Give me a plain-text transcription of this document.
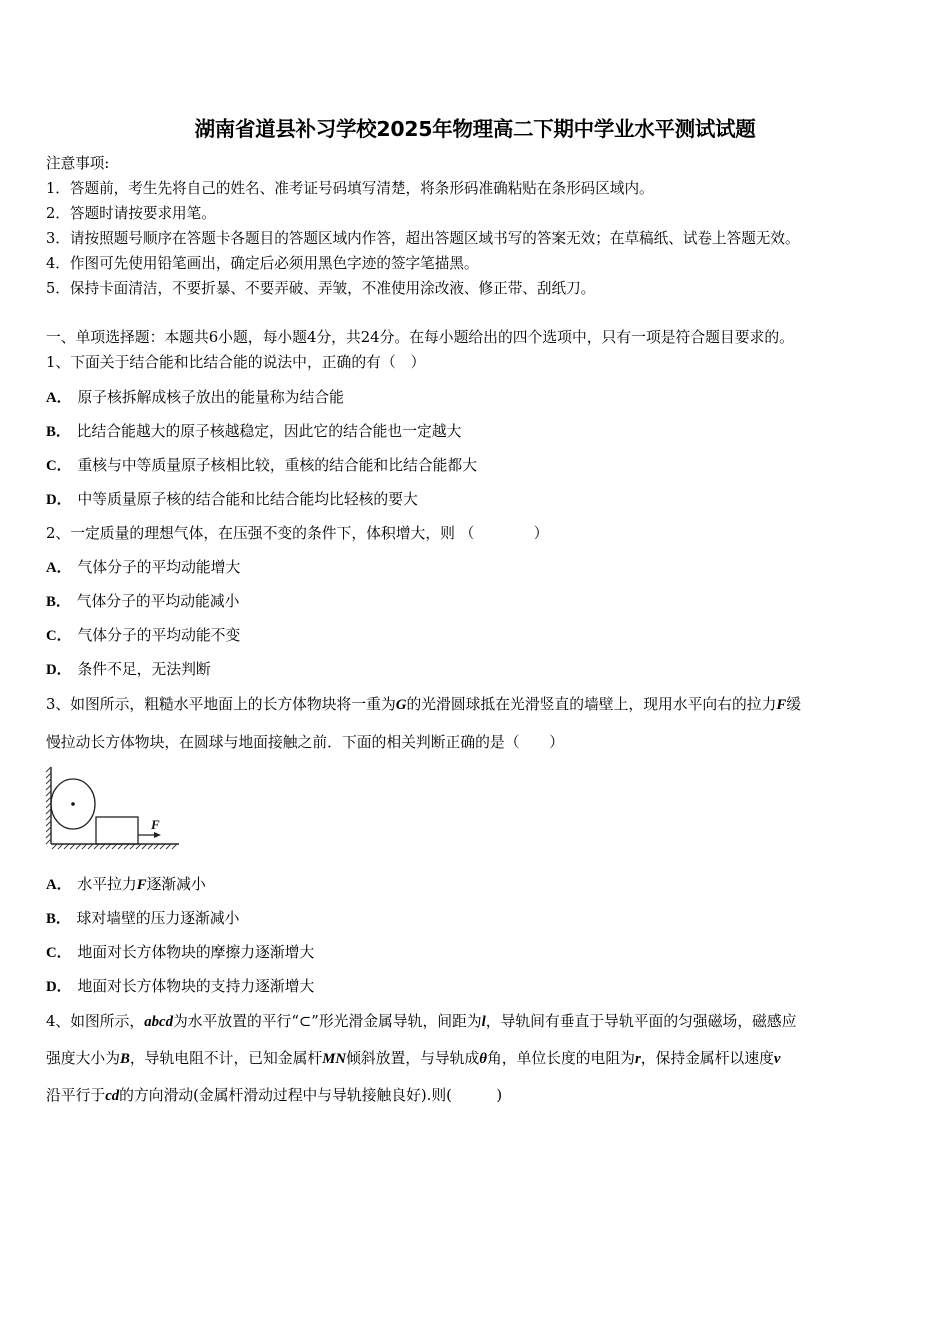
湖南省道县补习学校2025年物理高二下期中学业水平测试试题
注意事项:
1．答题前，考生先将自己的姓名、准考证号码填写清楚，将条形码准确粘贴在条形码区域内。
2．答题时请按要求用笔。
3．请按照题号顺序在答题卡各题目的答题区域内作答，超出答题区域书写的答案无效；在草稿纸、试卷上答题无效。
4．作图可先使用铅笔画出，确定后必须用黑色字迹的签字笔描黑。
5．保持卡面清洁，不要折暴、不要弄破、弄皱，不准使用涂改液、修正带、刮纸刀。
一、单项选择题：本题共6小题，每小题4分，共24分。在每小题给出的四个选项中，只有一项是符合题目要求的。
1、下面关于结合能和比结合能的说法中，正确的有（　）
A． 原子核拆解成核子放出的能量称为结合能
B． 比结合能越大的原子核越稳定，因此它的结合能也一定越大
C． 重核与中等质量原子核相比较，重核的结合能和比结合能都大
D． 中等质量原子核的结合能和比结合能均比轻核的要大
2、一定质量的理想气体，在压强不变的条件下，体积增大，则 （　　　　）
A． 气体分子的平均动能增大
B． 气体分子的平均动能减小
C． 气体分子的平均动能不变
D． 条件不足，无法判断
3、如图所示，粗糙水平地面上的长方体物块将一重为G的光滑圆球抵在光滑竖直的墙壁上，现用水平向右的拉力F缓
慢拉动长方体物块，在圆球与地面接触之前．下面的相关判断正确的是（　　）
F
A． 水平拉力F逐渐减小
B． 球对墙壁的压力逐渐减小
C． 地面对长方体物块的摩擦力逐渐增大
D． 地面对长方体物块的支持力逐渐增大
4、如图所示，abcd为水平放置的平行“⊂”形光滑金属导轨，间距为l，导轨间有垂直于导轨平面的匀强磁场，磁感应
强度大小为B，导轨电阻不计，已知金属杆MN倾斜放置，与导轨成θ角，单位长度的电阻为r，保持金属杆以速度v
沿平行于cd的方向滑动(金属杆滑动过程中与导轨接触良好).则(　　　)
